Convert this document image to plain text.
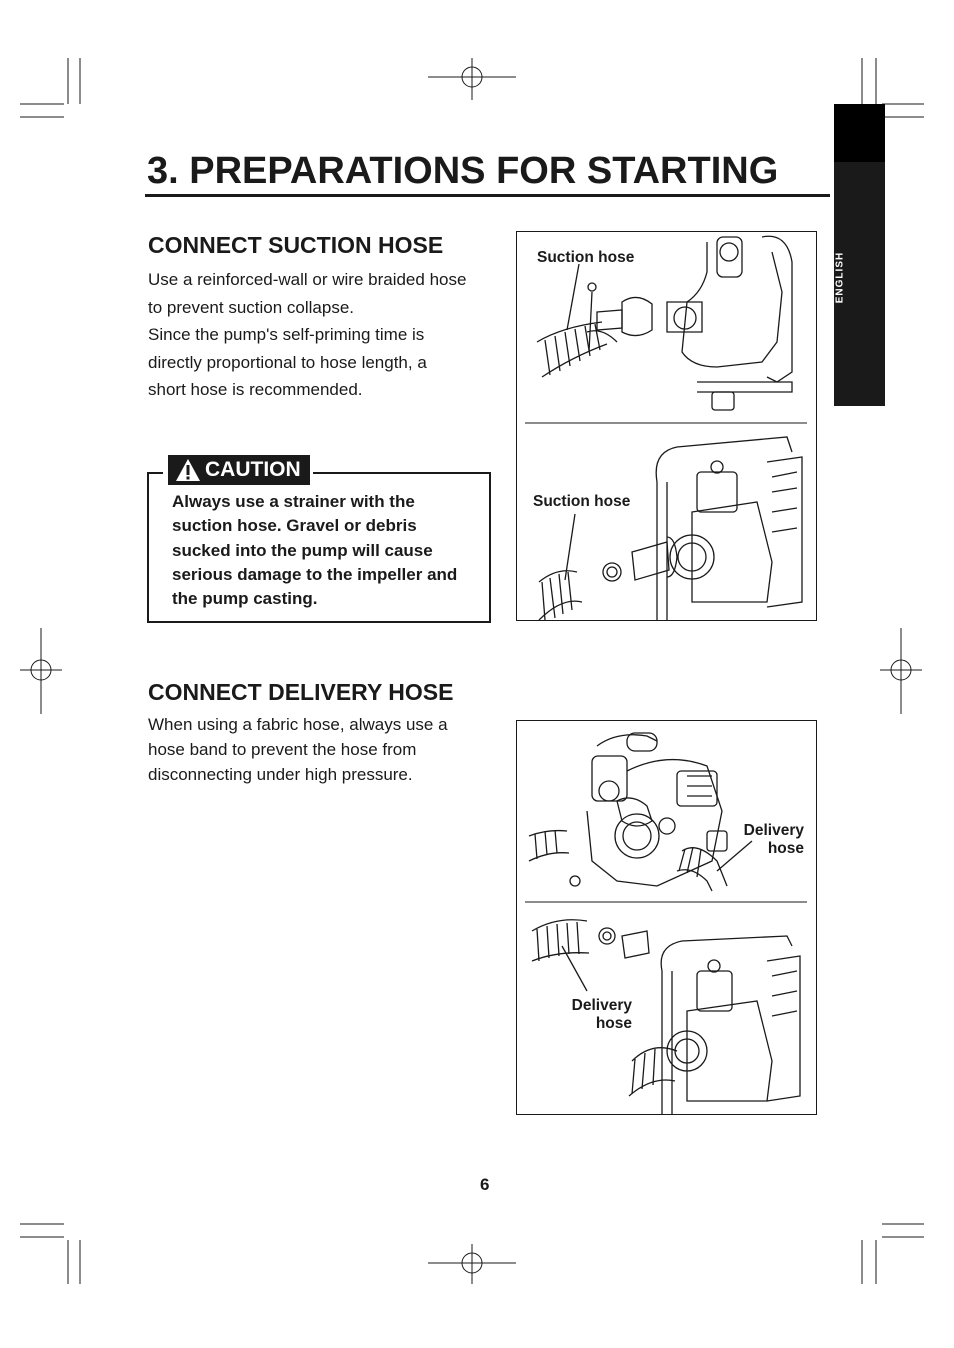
ENGLISH
3. PREPARATIONS FOR STARTING
CONNECT SUCTION HOSE
Use a reinforced-wall or wire braided hose
to prevent suction collapse.
Since the pump's self-priming time is
directly proportional to hose length, a
short hose is recommended.
CAUTION
Always use a strainer with the
suction hose. Gravel or debris
sucked into the pump will cause
serious damage to the impeller and
the pump casting.
CONNECT DELIVERY HOSE
When using a fabric hose, always use a
hose band to prevent the hose from
disconnecting under high pressure.
Suction hose
Suction hose
Delivery
hose
Delivery
hose
6
